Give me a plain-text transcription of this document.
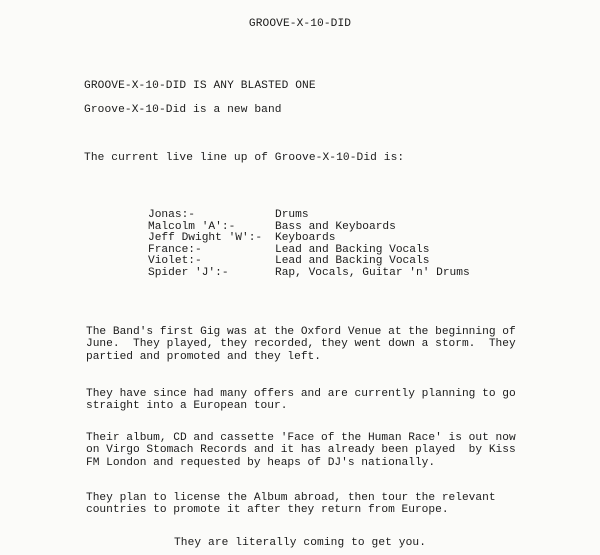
GROOVE-X-10-DID
GROOVE-X-10-DID IS ANY BLASTED ONE
Groove-X-10-Did is a new band
The current live line up of Groove-X-10-Did is:
Jonas:-	Drums
Malcolm 'A':-	Bass and Keyboards
Jeff Dwight 'W':- Keyboards
France:-	Lead and Backing Vocals
Violet:-	Lead and Backing Vocals
Spider 'J':-	Rap, Vocals, Guitar 'n' Drums
The Band's first Gig was at the Oxford Venue at the beginning of
June.  They played, they recorded, they went down a storm.  They
partied and promoted and they left.
They have since had many offers and are currently planning to go
straight into a European tour.
Their album, CD and cassette 'Face of the Human Race' is out now
on Virgo Stomach Records and it has already been played  by Kiss
FM London and requested by heaps of DJ's nationally.
They plan to license the Album abroad, then tour the relevant
countries to promote it after they return from Europe.
They are literally coming to get you.
